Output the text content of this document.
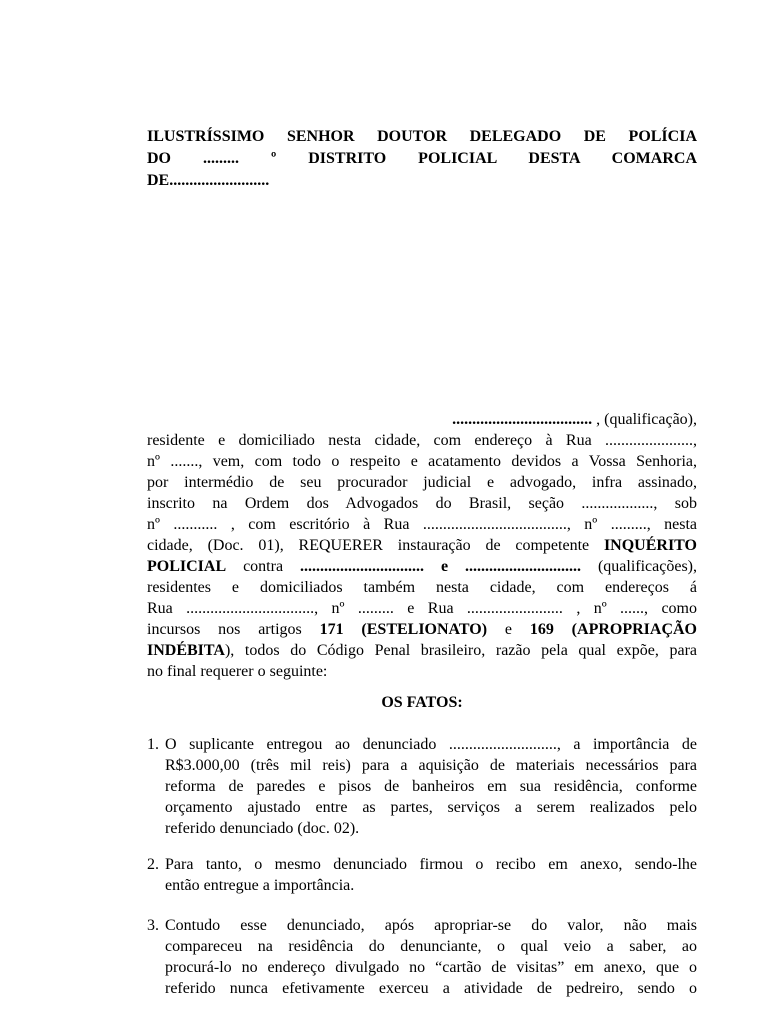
ILUSTRÍSSIMO SENHOR DOUTOR DELEGADO DE POLÍCIA
DO ......... º DISTRITO POLICIAL DESTA COMARCA
DE.........................
................................... , (qualificação),
residente e domiciliado nesta cidade, com endereço à Rua ......................,
nº ......., vem, com todo o respeito e acatamento devidos a Vossa Senhoria,
por intermédio de seu procurador judicial e advogado, infra assinado,
inscrito na Ordem dos Advogados do Brasil, seção .................., sob
nº ........... , com escritório à Rua ...................................., nº ........., nesta
cidade, (Doc. 01), REQUERER instauração de competente INQUÉRITO
POLICIAL contra ............................... e ............................. (qualificações),
residentes e domiciliados também nesta cidade, com endereços á
Rua ................................, nº ......... e Rua ........................ , nº ......, como
incursos nos artigos 171 (ESTELIONATO) e 169 (APROPRIAÇÃO
INDÉBITA), todos do Código Penal brasileiro, razão pela qual expõe, para
no final requerer o seguinte:
OS FATOS:
1. O suplicante entregou ao denunciado ..........................., a importância de
R$3.000,00 (três mil reis) para a aquisição de materiais necessários para
reforma de paredes e pisos de banheiros em sua residência, conforme
orçamento ajustado entre as partes, serviços a serem realizados pelo
referido denunciado (doc. 02).
2. Para tanto, o mesmo denunciado firmou o recibo em anexo, sendo-lhe
então entregue a importância.
3. Contudo esse denunciado, após apropriar-se do valor, não mais
compareceu na residência do denunciante, o qual veio a saber, ao
procurá-lo no endereço divulgado no “cartão de visitas” em anexo, que o
referido nunca efetivamente exerceu a atividade de pedreiro, sendo o
